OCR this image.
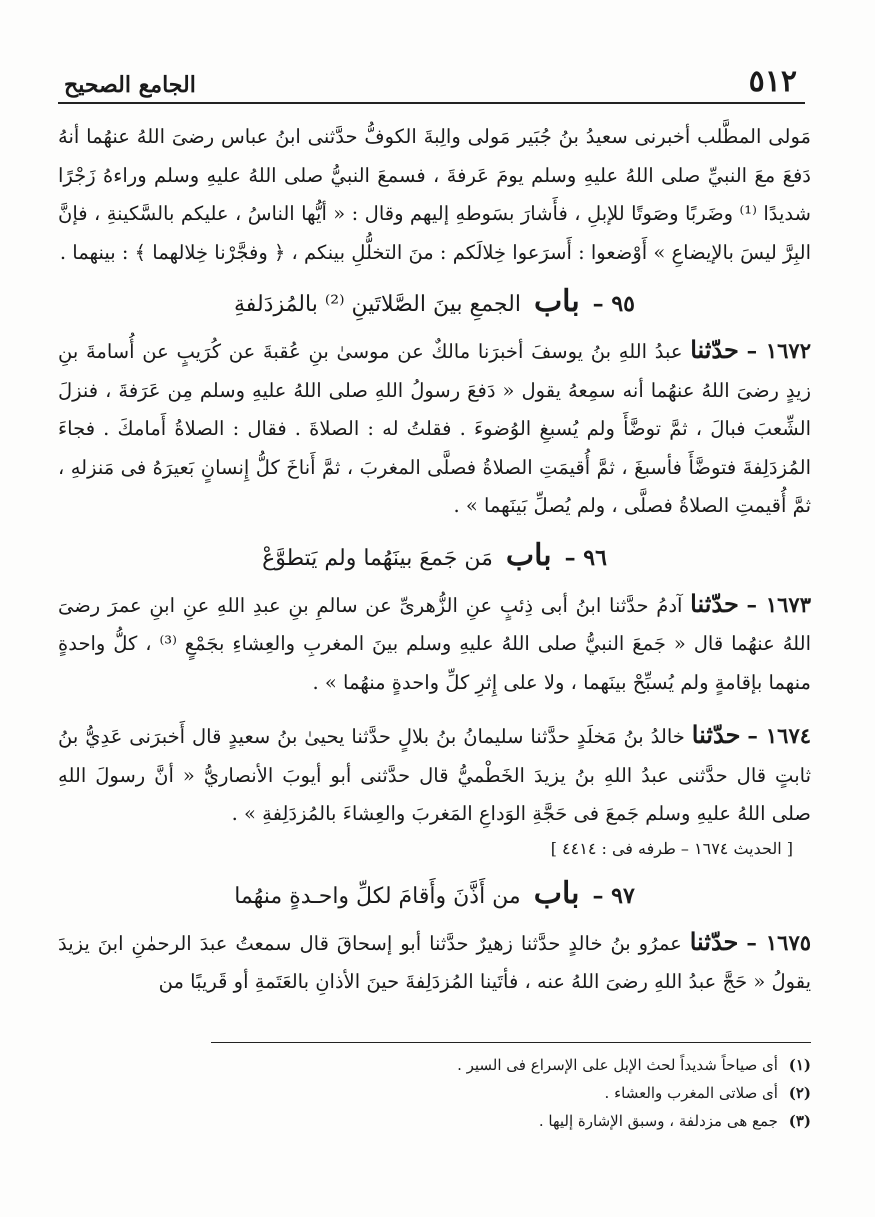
٥١٢
الجامع الصحيح

مَولى المطَّلب أخبرنى سعيدُ بنُ جُبَير مَولى والِبةَ الكوفُّ حدَّثنى ابنُ عباس رضىَ اللهُ عنهُما أنهُ دَفعَ معَ النبيِّ صلى اللهُ عليهِ وسلم يومَ عَرفةَ ، فسمعَ النبيُّ صلى اللهُ عليهِ وسلم وراءهُ زَجْرًا شديدًا ⁽¹⁾ وضَربًا وصَوتًا للإبلِ ، فأَشارَ بسَوطهِ إليهم وقال : « أيُّها الناسُ ، عليكم بالسَّكينةِ ، فإنَّ البِرَّ ليسَ بالإيضاعِ » أَوْضعوا : أَسرَعوا خِلالَكم : منَ التخلُّلِ بينكم ، ﴿ وفجَّرْنا خِلالهما ﴾ : بينهما .

٩٥ – باب الجمعِ بينَ الصَّلاتَينِ ⁽²⁾ بالمُزدَلفةِ

١٦٧٢ – حدّثنا عبدُ اللهِ بنُ يوسفَ أخبرَنا مالكٌ عن موسىٰ بنِ عُقبةَ عن كُرَيبٍ عن أُسامةَ بنِ زيدٍ رضىَ اللهُ عنهُما أنه سمِعهُ يقول « دَفعَ رسولُ اللهِ صلى اللهُ عليهِ وسلم مِن عَرَفةَ ، فنزلَ الشِّعبَ فبالَ ، ثمَّ توضَّأَ ولم يُسبغِ الوُضوءَ . فقلتُ له : الصلاةَ . فقال : الصلاةُ أَمامكَ . فجاءَ المُزدَلِفةَ فتوضَّأَ فأسبغَ ، ثمَّ أُقيمَتِ الصلاةُ فصلَّى المغربَ ، ثمَّ أَناخَ كلُّ إِنسانٍ بَعيرَهُ فى مَنزلهِ ، ثمَّ أُقيمتِ الصلاةُ فصلَّى ، ولم يُصلِّ بَينَهما » .

٩٦ – باب مَن جَمعَ بينَهُما ولم يَتطوَّعْ

١٦٧٣ – حدّثنا آدمُ حدَّثنا ابنُ أبى ذِئبٍ عنِ الزُّهرىِّ عن سالمِ بنِ عبدِ اللهِ عنِ ابنِ عمرَ رضىَ اللهُ عنهُما قال « جَمعَ النبيُّ صلى اللهُ عليهِ وسلم بينَ المغربِ والعِشاءِ بجَمْعٍ ⁽³⁾ ، كلُّ واحدةٍ منهما بإقامةٍ ولم يُسبِّحْ بينَهما ، ولا على إِثرِ كلِّ واحدةٍ منهُما » .

١٦٧٤ – حدّثنا خالدُ بنُ مَخلَدٍ حدَّثنا سليمانُ بنُ بلالٍ حدَّثنا يحيىٰ بنُ سعيدٍ قال أَخبرَنى عَدِيُّ بنُ ثابتٍ قال حدَّثنى عبدُ اللهِ بنُ يزيدَ الخَطْميُّ قال حدَّثنى أبو أيوبَ الأنصاريُّ « أنَّ رسولَ اللهِ صلى اللهُ عليهِ وسلم جَمعَ فى حَجَّةِ الوَداعِ المَغربَ والعِشاءَ بالمُزدَلِفةِ » .

[ الحديث ١٦٧٤ – طرفه فى : ٤٤١٤ ]

٩٧ – باب من أَذَّنَ وأَقامَ لكلِّ واحـدةٍ منهُما

١٦٧٥ – حدّثنا عمرُو بنُ خالدٍ حدَّثنا زهيرٌ حدَّثنا أبو إسحاقَ قال سمعتُ عبدَ الرحمٰنِ ابنَ يزيدَ يقولُ « حَجَّ عبدُ اللهِ رضىَ اللهُ عنه ، فأتَينا المُزدَلِفةَ حينَ الأذانِ بالعَتَمةِ أو قَريبًا من

(١) أى صياحاً شديداً لحث الإبل على الإسراع فى السير .

(٢) أى صلاتى المغرب والعشاء .

(٣) جمع هى مزدلفة ، وسبق الإشارة إليها .
